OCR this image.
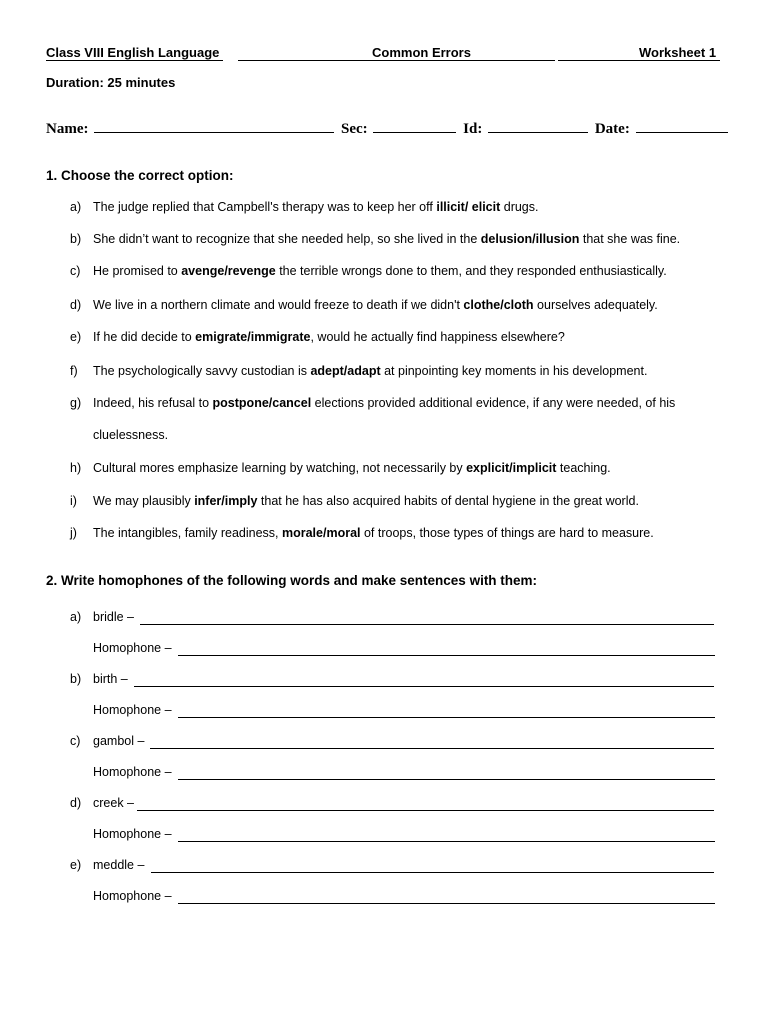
Class VIII English Language	Common Errors	Worksheet 1
Duration: 25 minutes
Name:	Sec:	Id:	Date:
1. Choose the correct option:
a) The judge replied that Campbell's therapy was to keep her off illicit/ elicit drugs.
b) She didn’t want to recognize that she needed help, so she lived in the delusion/illusion that she was fine.
c) He promised to avenge/revenge the terrible wrongs done to them, and they responded enthusiastically.
d) We live in a northern climate and would freeze to death if we didn't clothe/cloth ourselves adequately.
e) If he did decide to emigrate/immigrate, would he actually find happiness elsewhere?
f) The psychologically savvy custodian is adept/adapt at pinpointing key moments in his development.
g) Indeed, his refusal to postpone/cancel elections provided additional evidence, if any were needed, of his
cluelessness.
h) Cultural mores emphasize learning by watching, not necessarily by explicit/implicit teaching.
i) We may plausibly infer/imply that he has also acquired habits of dental hygiene in the great world.
j) The intangibles, family readiness, morale/moral of troops, those types of things are hard to measure.
2. Write homophones of the following words and make sentences with them:
a) bridle –
Homophone –
b) birth –
Homophone –
c) gambol –
Homophone –
d) creek –
Homophone –
e) meddle –
Homophone –
